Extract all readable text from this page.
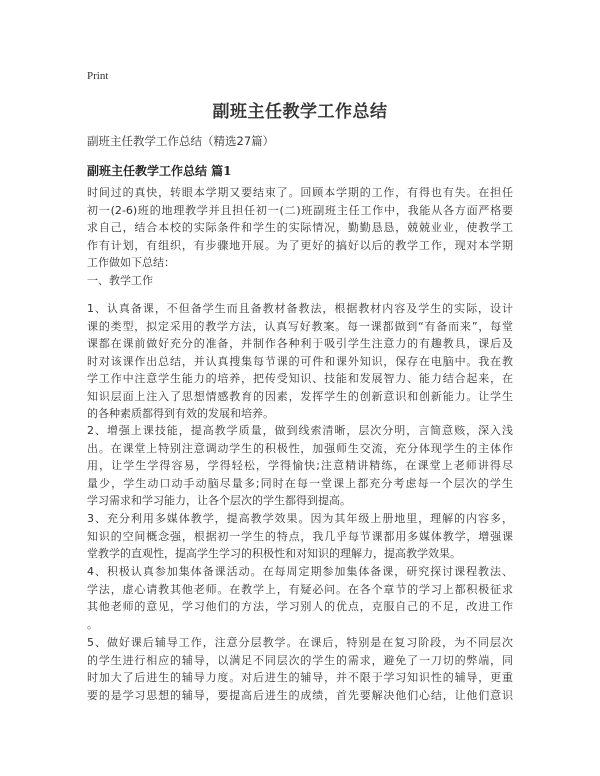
Print
副班主任教学工作总结
副班主任教学工作总结（精选27篇）
副班主任教学工作总结 篇1
时间过的真快，转眼本学期又要结束了。回顾本学期的工作，有得也有失。在担任
初一(2-6)班的地理教学并且担任初一(二)班副班主任工作中，我能从各方面严格要
求自己，结合本校的实际条件和学生的实际情况，勤勤恳恳，兢兢业业，使教学工
作有计划，有组织，有步骤地开展。为了更好的搞好以后的教学工作，现对本学期
工作做如下总结：
一、教学工作
1、认真备课，不但备学生而且备教材备教法，根据教材内容及学生的实际，设计
课的类型，拟定采用的教学方法，认真写好教案。每一课都做到“有备而来”，每堂
课都在课前做好充分的准备，并制作各种利于吸引学生注意力的有趣教具，课后及
时对该课作出总结，并认真搜集每节课的可件和课外知识，保存在电脑中。我在教
学工作中注意学生能力的培养，把传受知识、技能和发展智力、能力结合起来，在
知识层面上注入了思想情感教育的因素，发挥学生的创新意识和创新能力。让学生
的各种素质都得到有效的发展和培养。
2、增强上课技能，提高教学质量，做到线索清晰，层次分明，言简意赅，深入浅
出。在课堂上特别注意调动学生的积极性，加强师生交流，充分体现学生的主体作
用，让学生学得容易，学得轻松，学得愉快;注意精讲精练，在课堂上老师讲得尽
量少，学生动口动手动脑尽量多;同时在每一堂课上都充分考虑每一个层次的学生
学习需求和学习能力，让各个层次的学生都得到提高。
3、充分利用多媒体教学，提高教学效果。因为其年级上册地里，理解的内容多，
知识的空间概念强，根据初一学生的特点，我几乎每节课都用多媒体教学，增强课
堂教学的直观性，提高学生学习的积极性和对知识的理解力，提高教学效果。
4、积极认真参加集体备课活动。在每周定期参加集体备课，研究探讨课程教法、
学法，虚心请教其他老师。在教学上，有疑必问。在各个章节的学习上都积极征求
其他老师的意见，学习他们的方法，学习别人的优点，克服自己的不足，改进工作
。
5、做好课后辅导工作，注意分层教学。在课后，特别是在复习阶段，为不同层次
的学生进行相应的辅导，以满足不同层次的学生的需求，避免了一刀切的弊端，同
时加大了后进生的辅导力度。对后进生的辅导，并不限于学习知识性的辅导，更重
要的是学习思想的辅导，要提高后进生的成绩，首先要解决他们心结，让他们意识
